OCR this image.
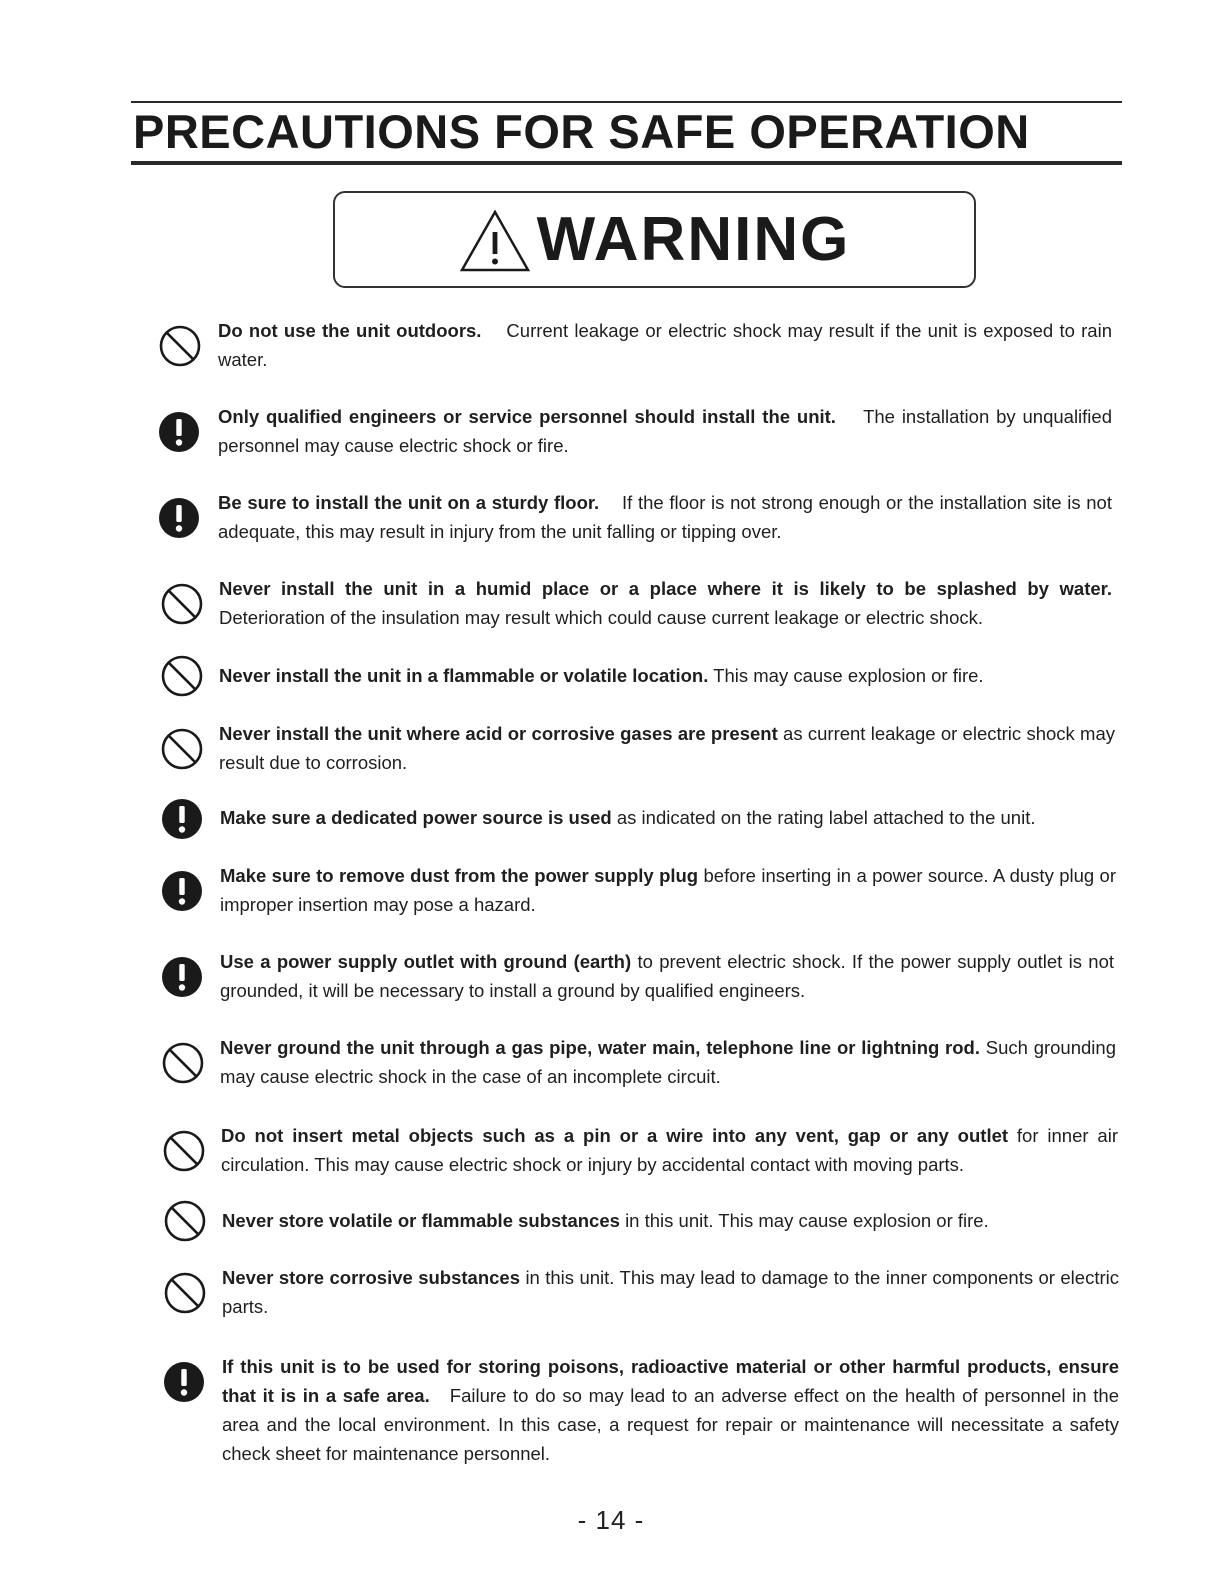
PRECAUTIONS FOR SAFE OPERATION
WARNING
Do not use the unit outdoors. Current leakage or electric shock may result if the unit is exposed to rain water.
Only qualified engineers or service personnel should install the unit. The installation by unqualified personnel may cause electric shock or fire.
Be sure to install the unit on a sturdy floor. If the floor is not strong enough or the installation site is not adequate, this may result in injury from the unit falling or tipping over.
Never install the unit in a humid place or a place where it is likely to be splashed by water. Deterioration of the insulation may result which could cause current leakage or electric shock.
Never install the unit in a flammable or volatile location. This may cause explosion or fire.
Never install the unit where acid or corrosive gases are present as current leakage or electric shock may result due to corrosion.
Make sure a dedicated power source is used as indicated on the rating label attached to the unit.
Make sure to remove dust from the power supply plug before inserting in a power source. A dusty plug or improper insertion may pose a hazard.
Use a power supply outlet with ground (earth) to prevent electric shock. If the power supply outlet is not grounded, it will be necessary to install a ground by qualified engineers.
Never ground the unit through a gas pipe, water main, telephone line or lightning rod. Such grounding may cause electric shock in the case of an incomplete circuit.
Do not insert metal objects such as a pin or a wire into any vent, gap or any outlet for inner air circulation. This may cause electric shock or injury by accidental contact with moving parts.
Never store volatile or flammable substances in this unit. This may cause explosion or fire.
Never store corrosive substances in this unit. This may lead to damage to the inner components or electric parts.
If this unit is to be used for storing poisons, radioactive material or other harmful products, ensure that it is in a safe area. Failure to do so may lead to an adverse effect on the health of personnel in the area and the local environment. In this case, a request for repair or maintenance will necessitate a safety check sheet for maintenance personnel.
- 14 -
